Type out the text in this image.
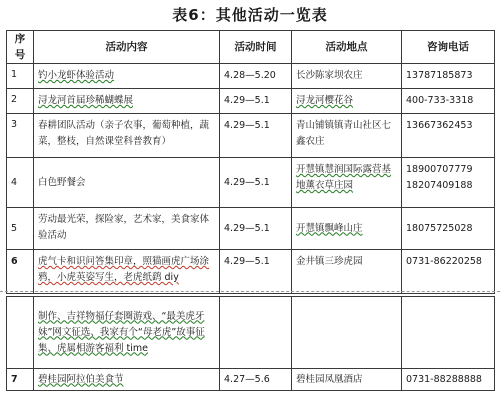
表6：其他活动一览表
序号	活动内容	活动时间	活动地点	咨询电话
1	钓小龙虾体验活动	4.28—5.20	长沙陈家坝农庄	13787185873
2	浔龙河首届珍稀蝴蝶展	4.29—5.1	浔龙河樱花谷	400-733-3318
3	春耕团队活动（亲子农事，葡萄种植，蔬菜，整枝，自然课堂科普教育）	4.29—5.1	青山铺镇镇青山社区七鑫农庄	13667362453
4	白色野餐会	4.29—5.1	开慧镇慧润国际露营基地薰衣草庄园	18900707779 18207409188
5	劳动最光荣，探险家，艺术家，美食家体验活动	4.29—5.1	开慧镇飘峰山庄	18075725028
6	虎气卡和识问答集印章，照猫画虎广场涂鸦，小虎英姿写生，老虎纸鹞 diy	4.29—5.1	金井镇三珍虎园	0731-86220258
	制作、吉祥物福仔套圈游戏、“最美虎牙妹”网文征选、我家有个“母老虎”故事征集、虎属相游客福利 time			
7	碧桂园阿拉伯美食节	4.27—5.6	碧桂园凤凰酒店	0731-88288888
